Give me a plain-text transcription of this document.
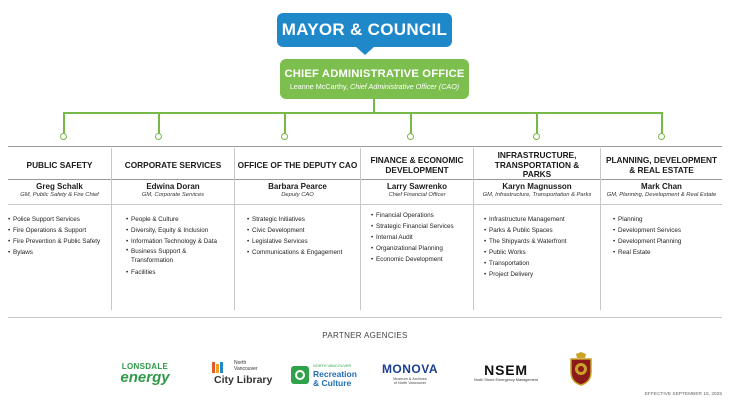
MAYOR & COUNCIL
CHIEF ADMINISTRATIVE OFFICE
Leanne McCarthy, Chief Administrative Officer (CAO)
PUBLIC SAFETY
Greg Schalk
GM, Public Safety & Fire Chief
• Police Support Services
• Fire Operations & Support
• Fire Prevention & Public Safety
• Bylaws
CORPORATE SERVICES
Edwina Doran
GM, Corporate Services
• People & Culture
• Diversity, Equity & Inclusion
• Information Technology & Data
• Business Support & Transformation
• Facilities
OFFICE OF THE DEPUTY CAO
Barbara Pearce
Deputy CAO
• Strategic Initiatives
• Civic Development
• Legislative Services
• Communications & Engagement
FINANCE & ECONOMIC DEVELOPMENT
Larry Sawrenko
Chief Financial Officer
• Financial Operations
• Strategic Financial Services
• Internal Audit
• Organizational Planning
• Economic Development
INFRASTRUCTURE, TRANSPORTATION & PARKS
Karyn Magnusson
GM, Infrastructure, Transportation & Parks
• Infrastructure Management
• Parks & Public Spaces
• The Shipyards & Waterfront
• Public Works
• Transportation
• Project Delivery
PLANNING, DEVELOPMENT & REAL ESTATE
Mark Chan
GM, Planning, Development & Real Estate
• Planning
• Development Services
• Development Planning
• Real Estate
PARTNER AGENCIES
LONSDALE
energy
North
Vancouver
City Library
NORTH VANCOUVER
Recreation
& Culture
MONOVA
Museum & Archives
of North Vancouver
NSEM
North Shore Emergency Management
EFFECTIVE SEPTEMBER 15, 2025
